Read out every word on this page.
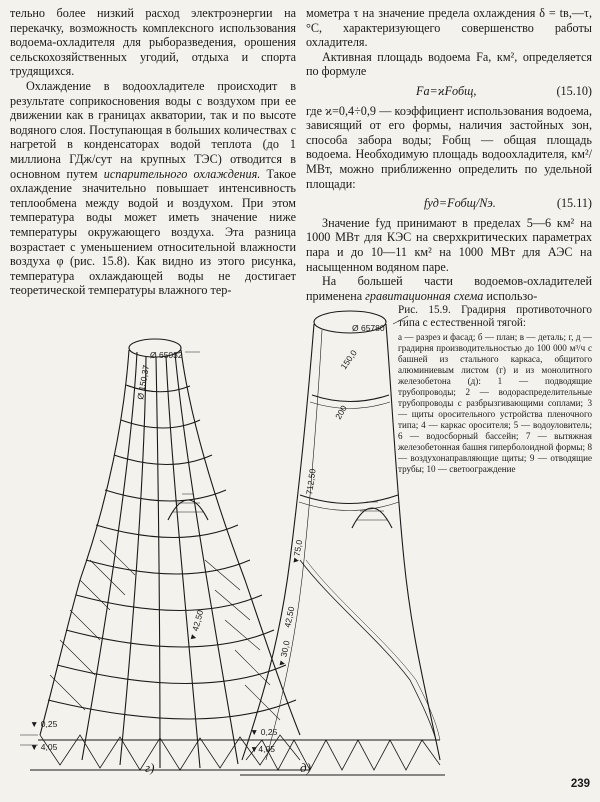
тельно более низкий расход электроэнергии на перекачку, возможность комплексного использования водоема-охладителя для рыборазведения, орошения сельскохозяйственных угодий, отдыха и спорта трудящихся.

Охлаждение в водоохладителе происходит в результате соприкосновения воды с воздухом при ее движении как в границах акватории, так и по высоте водяного слоя. Поступающая в больших количествах с нагретой в конденсаторах водой теплота (до 1 миллиона ГДж/сут на крупных ТЭС) отводится в основном путем испарительного охлаждения. Такое охлаждение значительно повышает интенсивность теплообмена между водой и воздухом. При этом температура воды может иметь значение ниже температуры окружающего воздуха. Эта разница возрастает с уменьшением относительной влажности воздуха φ (рис. 15.8). Как видно из этого рисунка, температура охлаждающей воды не достигает теоретической температуры влажного тер-

мометра τ на значение предела охлаждения δ = tв,—τ, °С, характеризующего совершенство работы охладителя.

Активная площадь водоема Fа, км², определяется по формуле

Fа=ϰFобщ,	(15.10)

где ϰ=0,4÷0,9 — коэффициент использования водоема, зависящий от его формы, наличия застойных зон, способа забора воды; Fобщ — общая площадь водоема. Необходимую площадь водоохладителя, км²/МВт, можно приближенно определить по удельной площади:

fуд=Fобщ/Nэ.	(15.11)

Значение fуд принимают в пределах 5—6 км² на 1000 МВт для КЭС на сверхкритических параметрах пара и до 10—11 км² на 1000 МВт для АЭС на насыщенном водяном паре.

На большей части водоемов-охладителей применена гравитационная схема использо-

Рис. 15.9. Градирня противоточного типа с естественной тягой:

а — разрез и фасад; б — план; в — деталь; г, д — градирня производительностью до 100 000 м³/ч с башней из стального каркаса, общитого алюминиевым листом (г) и из монолитного железобетона (д): 1 — подводящие трубопроводы; 2 — водораспределительные трубопроводы с разбрызгивающими соплами; 3 — щиты оросительного устройства пленочного типа; 4 — каркас оросителя; 5 — водоуловитель; 6 — водосборный бассейн; 7 — вытяжная железобетонная башня гиперболоидной формы; 8 — воздухонаправляющие щиты; 9 — отводящие трубы; 10 — светоограждение

Ø 65032
Ø 150,37
▼ 42,50
▼ 0,25
▼ 4,05
Ø 65780
150,0
200
712,50
▼75,0
42,50
▼ 30,0
▼ 0,25
▼4,05
г)	д)
239
